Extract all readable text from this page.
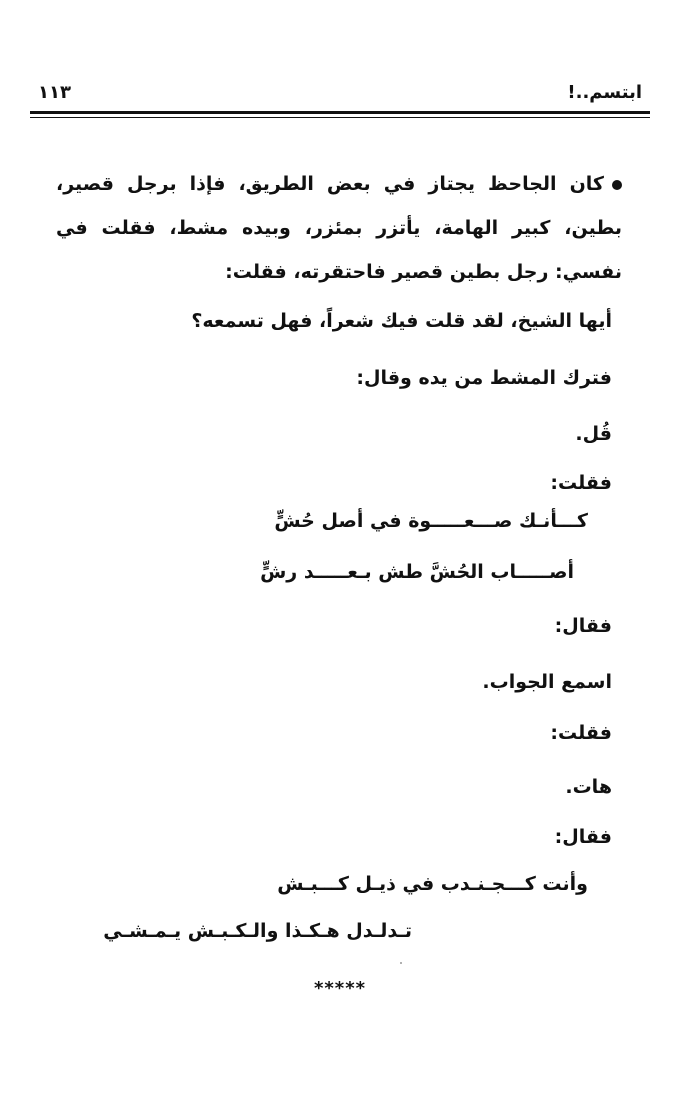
ابتسم..!
١١٣

كان الجاحظ يجتاز في بعض الطريق، فإذا برجل قصير، بطين، كبير الهامة، يأتزر بمئزر، وبيده مشط، فقلت في نفسي: رجل بطين قصير فاحتقرته، فقلت:

أيها الشيخ، لقد قلت فيك شعراً، فهل تسمعه؟

فترك المشط من يده وقال:

قُل.

فقلت:

كـــأنـك صـــعـــــوة في أصل حُشٍّ

أصـــــاب الحُشَّ طش بـعـــــد رشٍّ

فقال:

اسمع الجواب.

فقلت:

هات.

فقال:

وأنت كـــجـنـدب في ذيـل كـــبـش

تـدلـدل هـكـذا والـكـبـش يـمـشـي

*****
